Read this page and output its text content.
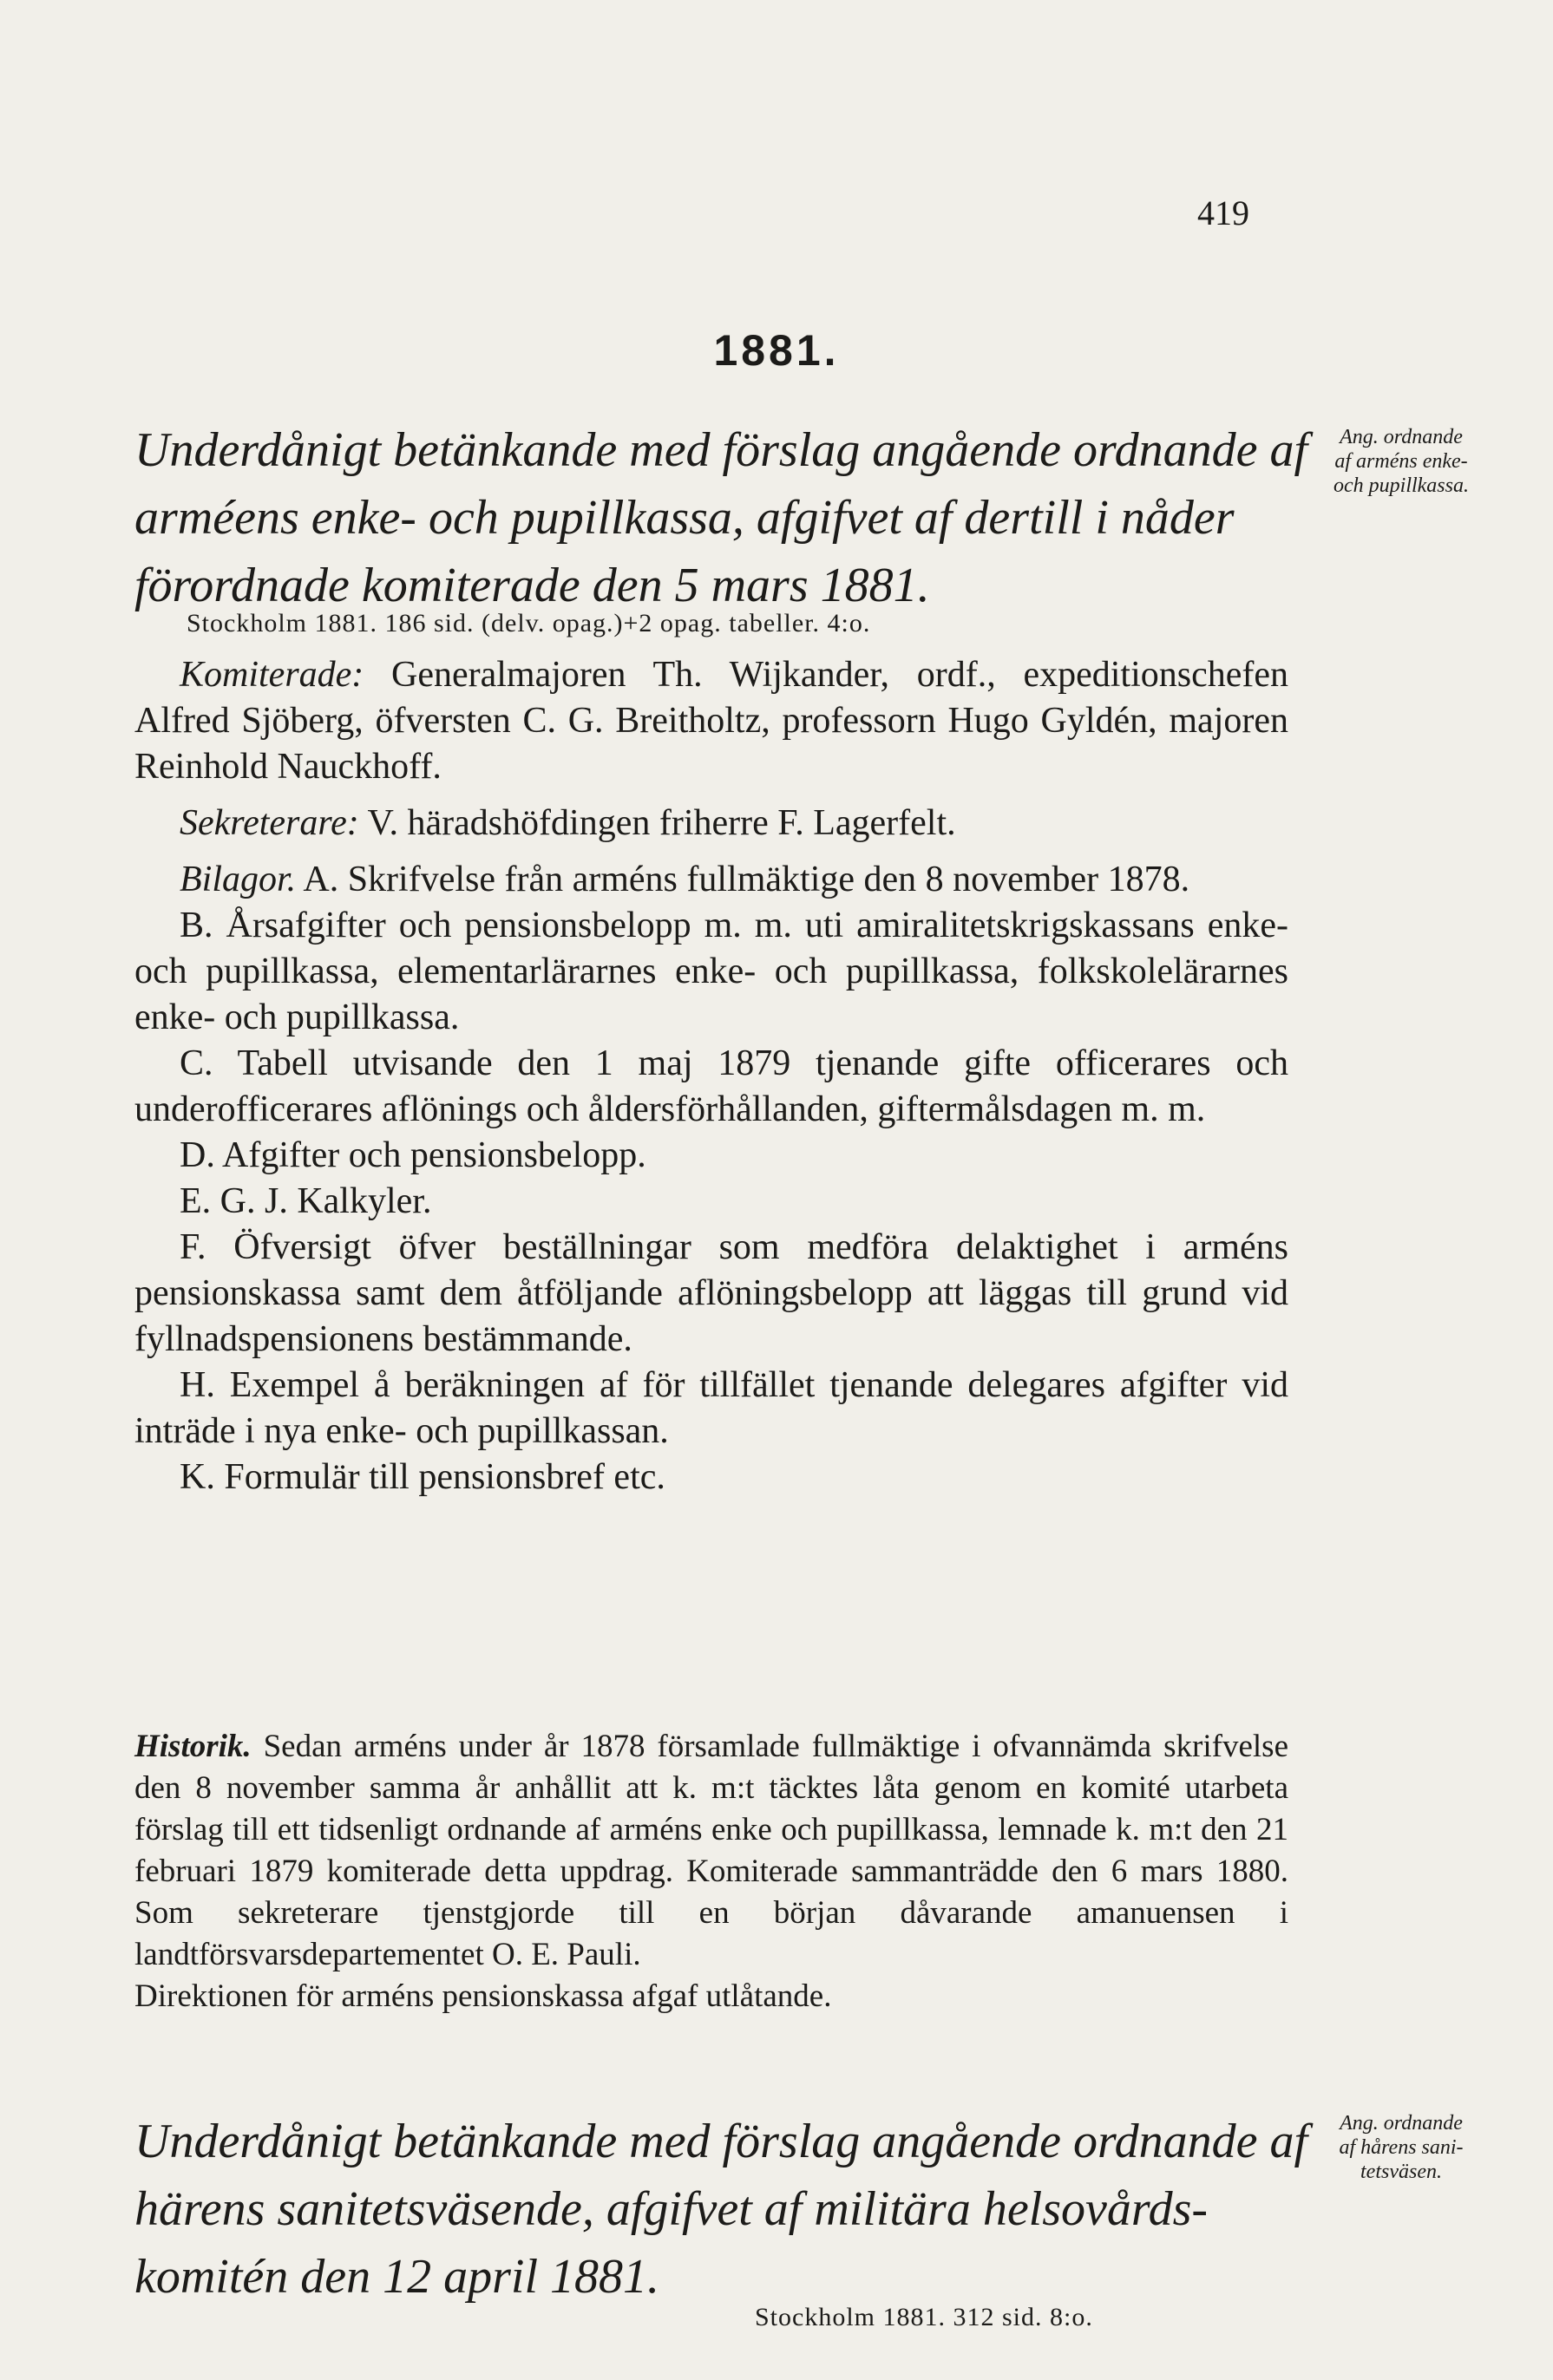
419
1881.
Underdånigt betänkande med förslag angående ordnande af
arméens enke- och pupillkassa, afgifvet af dertill i nåder
förordnade komiterade den 5 mars 1881.
Ang. ordnande
af arméns enke-
och pupillkassa.
Stockholm 1881. 186 sid. (delv. opag.)+2 opag. tabeller. 4:o.

Komiterade: Generalmajoren Th. Wijkander, ordf., expeditionschefen Alfred Sjöberg, öfversten C. G. Breitholtz, professorn Hugo Gyldén, majoren Reinhold Nauckhoff.

Sekreterare: V. häradshöfdingen friherre F. Lagerfelt.

Bilagor. A. Skrifvelse från arméns fullmäktige den 8 november 1878.

B. Årsafgifter och pensionsbelopp m. m. uti amiralitetskrigskassans enke- och pupillkassa, elementarlärarnes enke- och pupillkassa, folkskolelärarnes enke- och pupillkassa.

C. Tabell utvisande den 1 maj 1879 tjenande gifte officerares och underofficerares aflönings och åldersförhållanden, giftermålsdagen m. m.

D. Afgifter och pensionsbelopp.

E. G. J. Kalkyler.

F. Öfversigt öfver beställningar som medföra delaktighet i arméns pensionskassa samt dem åtföljande aflöningsbelopp att läggas till grund vid fyllnadspensionens bestämmande.

H. Exempel å beräkningen af för tillfället tjenande delegares afgifter vid inträde i nya enke- och pupillkassan.

K. Formulär till pensionsbref etc.

Historik. Sedan arméns under år 1878 församlade fullmäktige i ofvannämda skrifvelse den 8 november samma år anhållit att k. m:t täcktes låta genom en komité utarbeta förslag till ett tidsenligt ordnande af arméns enke och pupillkassa, lemnade k. m:t den 21 februari 1879 komiterade detta uppdrag. Komiterade sammanträdde den 6 mars 1880. Som sekreterare tjenstgjorde till en början dåvarande amanuensen i landtförsvarsdepartementet O. E. Pauli.

Direktionen för arméns pensionskassa afgaf utlåtande.

Underdånigt betänkande med förslag angående ordnande af
härens sanitetsväsende, afgifvet af militära helsovårds-
komitén den 12 april 1881.
Ang. ordnande
af hårens sani-
tetsväsen.
Stockholm 1881. 312 sid. 8:o.
